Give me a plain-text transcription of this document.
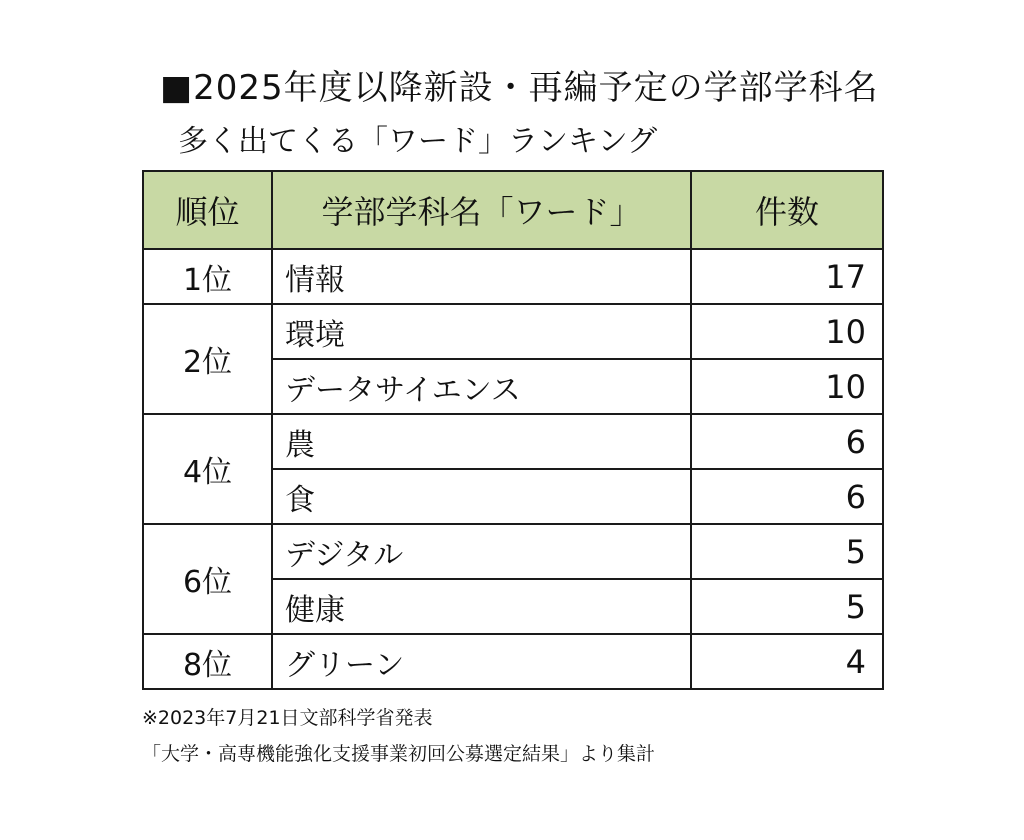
■2025年度以降新設・再編予定の学部学科名
多く出てくる「ワード」ランキング
順位	学部学科名「ワード」	件数
1位	情報	17
2位	環境	10
	データサイエンス	10
4位	農	6
	食	6
6位	デジタル	5
	健康	5
8位	グリーン	4
※2023年7月21日文部科学省発表
「大学・高専機能強化支援事業初回公募選定結果」より集計
